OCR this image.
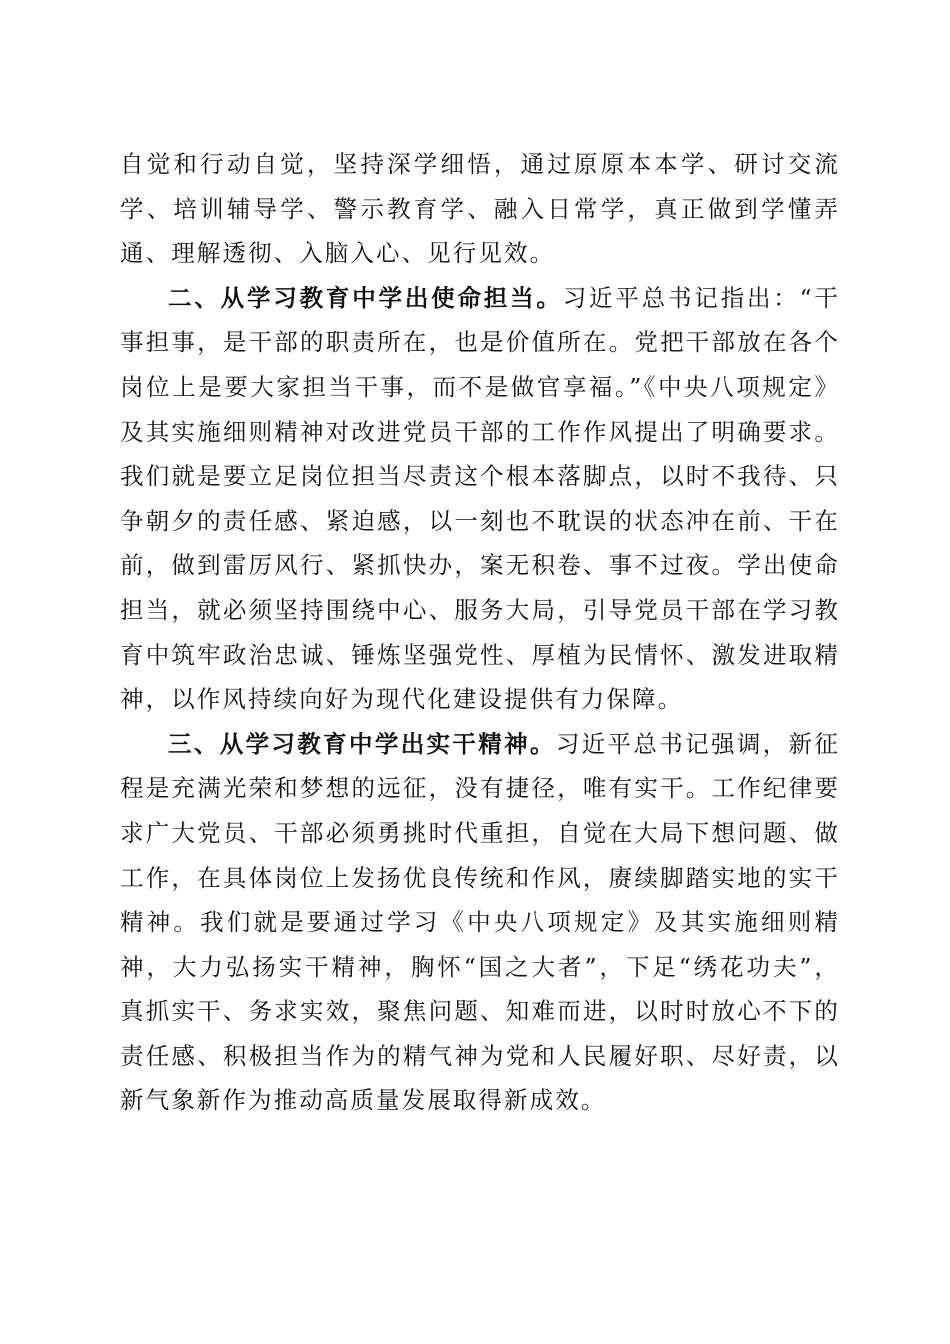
自觉和行动自觉，坚持深学细悟，通过原原本本学、研讨交流学、培训辅导学、警示教育学、融入日常学，真正做到学懂弄通、理解透彻、入脑入心、见行见效。

二、从学习教育中学出使命担当。习近平总书记指出：“干事担事，是干部的职责所在，也是价值所在。党把干部放在各个岗位上是要大家担当干事，而不是做官享福。”《中央八项规定》及其实施细则精神对改进党员干部的工作作风提出了明确要求。我们就是要立足岗位担当尽责这个根本落脚点，以时不我待、只争朝夕的责任感、紧迫感，以一刻也不耽误的状态冲在前、干在前，做到雷厉风行、紧抓快办，案无积卷、事不过夜。学出使命担当，就必须坚持围绕中心、服务大局，引导党员干部在学习教育中筑牢政治忠诚、锤炼坚强党性、厚植为民情怀、激发进取精神，以作风持续向好为现代化建设提供有力保障。

三、从学习教育中学出实干精神。习近平总书记强调，新征程是充满光荣和梦想的远征，没有捷径，唯有实干。工作纪律要求广大党员、干部必须勇挑时代重担，自觉在大局下想问题、做工作，在具体岗位上发扬优良传统和作风，赓续脚踏实地的实干精神。我们就是要通过学习《中央八项规定》及其实施细则精神，大力弘扬实干精神，胸怀“国之大者”，下足“绣花功夫”，真抓实干、务求实效，聚焦问题、知难而进，以时时放心不下的责任感、积极担当作为的精气神为党和人民履好职、尽好责，以新气象新作为推动高质量发展取得新成效。
